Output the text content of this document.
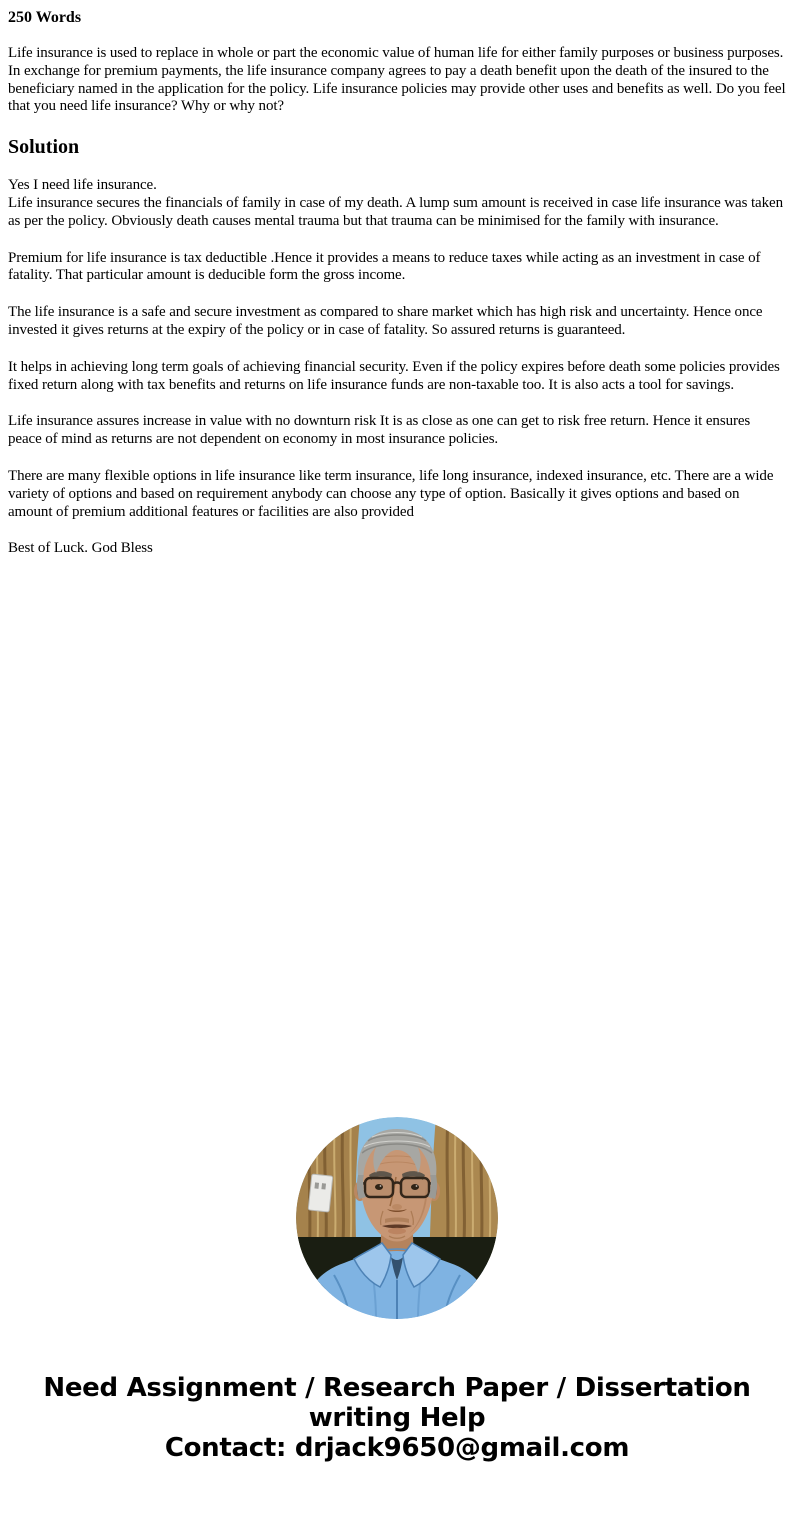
250 Words

Life insurance is used to replace in whole or part the economic value of human life for either family purposes or business purposes. In exchange for premium payments, the life insurance company agrees to pay a death benefit upon the death of the insured to the beneficiary named in the application for the policy. Life insurance policies may provide other uses and benefits as well. Do you feel that you need life insurance? Why or why not?

Solution

Yes I need life insurance.
Life insurance secures the financials of family in case of my death. A lump sum amount is received in case life insurance was taken as per the policy. Obviously death causes mental trauma but that trauma can be minimised for the family with insurance.

Premium for life insurance is tax deductible .Hence it provides a means to reduce taxes while acting as an investment in case of fatality. That particular amount is deducible form the gross income.

The life insurance is a safe and secure investment as compared to share market which has high risk and uncertainty. Hence once invested it gives returns at the expiry of the policy or in case of fatality. So assured returns is guaranteed.

It helps in achieving long term goals of achieving financial security. Even if the policy expires before death some policies provides fixed return along with tax benefits and returns on life insurance funds are non-taxable too. It is also acts a tool for savings.

Life insurance assures increase in value with no downturn risk It is as close as one can get to risk free return. Hence it ensures peace of mind as returns are not dependent on economy in most insurance policies.

There are many flexible options in life insurance like term insurance, life long insurance, indexed insurance, etc. There are a wide variety of options and based on requirement anybody can choose any type of option. Basically it gives options and based on amount of premium additional features or facilities are also provided

Best of Luck. God Bless

Need Assignment / Research Paper / Dissertation
writing Help
Contact: drjack9650@gmail.com
